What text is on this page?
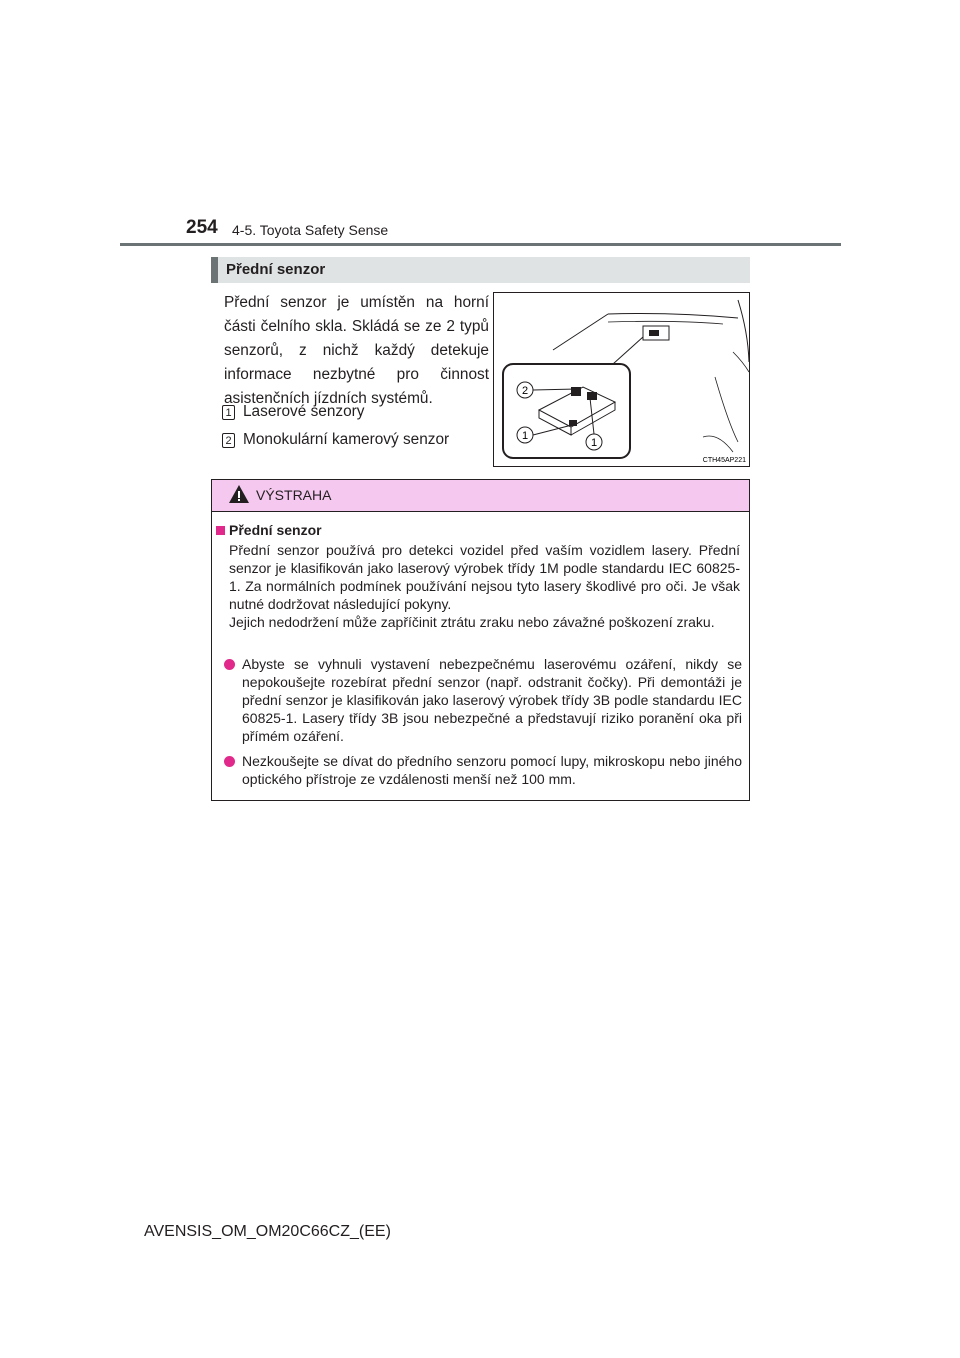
254 4-5. Toyota Safety Sense
Přední senzor

Přední senzor je umístěn na horní části čelního skla. Skládá se ze 2 typů senzorů, z nichž každý detekuje informace nezbytné pro činnost asistenčních jízdních systémů.

1 Laserové senzory
2 Monokulární kamerový senzor
2
1
1
CTH45AP221
VÝSTRAHA
Přední senzor

Přední senzor používá pro detekci vozidel před vaším vozidlem lasery. Přední senzor je klasifikován jako laserový výrobek třídy 1M podle standardu IEC 60825-1. Za normálních podmínek používání nejsou tyto lasery škodlivé pro oči. Je však nutné dodržovat následující pokyny.

Jejich nedodržení může zapříčinit ztrátu zraku nebo závažné poškození zraku.

Abyste se vyhnuli vystavení nebezpečnému laserovému ozáření, nikdy se nepokoušejte rozebírat přední senzor (např. odstranit čočky). Při demontáži je přední senzor je klasifikován jako laserový výrobek třídy 3B podle standardu IEC 60825-1. Lasery třídy 3B jsou nebezpečné a představují riziko poranění oka při přímém ozáření.

Nezkoušejte se dívat do předního senzoru pomocí lupy, mikroskopu nebo jiného optického přístroje ze vzdálenosti menší než 100 mm.

AVENSIS_OM_OM20C66CZ_(EE)
